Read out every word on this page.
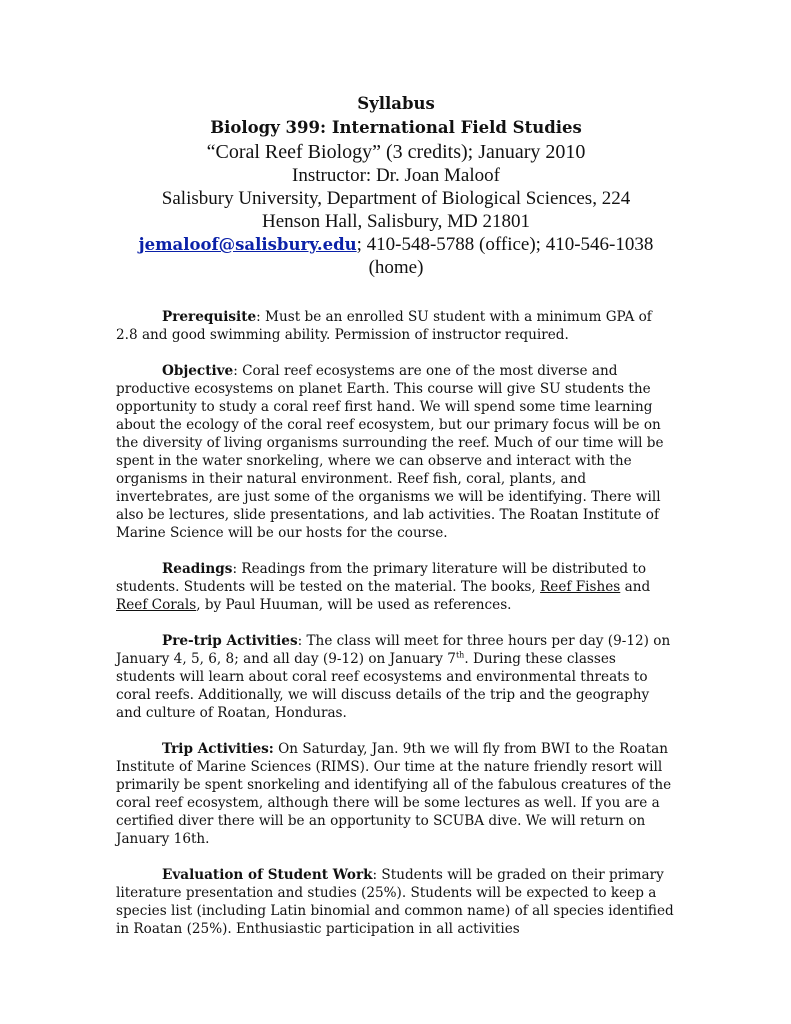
Syllabus
Biology 399: International Field Studies
“Coral Reef Biology” (3 credits); January 2010
Instructor: Dr. Joan Maloof
Salisbury University, Department of Biological Sciences, 224
Henson Hall, Salisbury, MD 21801
jemaloof@salisbury.edu; 410-548-5788 (office); 410-546-1038
(home)

Prerequisite: Must be an enrolled SU student with a minimum GPA of 2.8 and good swimming ability. Permission of instructor required.

Objective: Coral reef ecosystems are one of the most diverse and productive ecosystems on planet Earth. This course will give SU students the opportunity to study a coral reef first hand. We will spend some time learning about the ecology of the coral reef ecosystem, but our primary focus will be on the diversity of living organisms surrounding the reef. Much of our time will be spent in the water snorkeling, where we can observe and interact with the organisms in their natural environment. Reef fish, coral, plants, and invertebrates, are just some of the organisms we will be identifying. There will also be lectures, slide presentations, and lab activities. The Roatan Institute of Marine Science will be our hosts for the course.

Readings: Readings from the primary literature will be distributed to students. Students will be tested on the material. The books, Reef Fishes and Reef Corals, by Paul Huuman, will be used as references.

Pre-trip Activities: The class will meet for three hours per day (9-12) on January 4, 5, 6, 8; and all day (9-12) on January 7th. During these classes students will learn about coral reef ecosystems and environmental threats to coral reefs. Additionally, we will discuss details of the trip and the geography and culture of Roatan, Honduras.

Trip Activities: On Saturday, Jan. 9th we will fly from BWI to the Roatan Institute of Marine Sciences (RIMS). Our time at the nature friendly resort will primarily be spent snorkeling and identifying all of the fabulous creatures of the coral reef ecosystem, although there will be some lectures as well. If you are a certified diver there will be an opportunity to SCUBA dive. We will return on January 16th.

Evaluation of Student Work: Students will be graded on their primary literature presentation and studies (25%). Students will be expected to keep a species list (including Latin binomial and common name) of all species identified in Roatan (25%). Enthusiastic participation in all activities
